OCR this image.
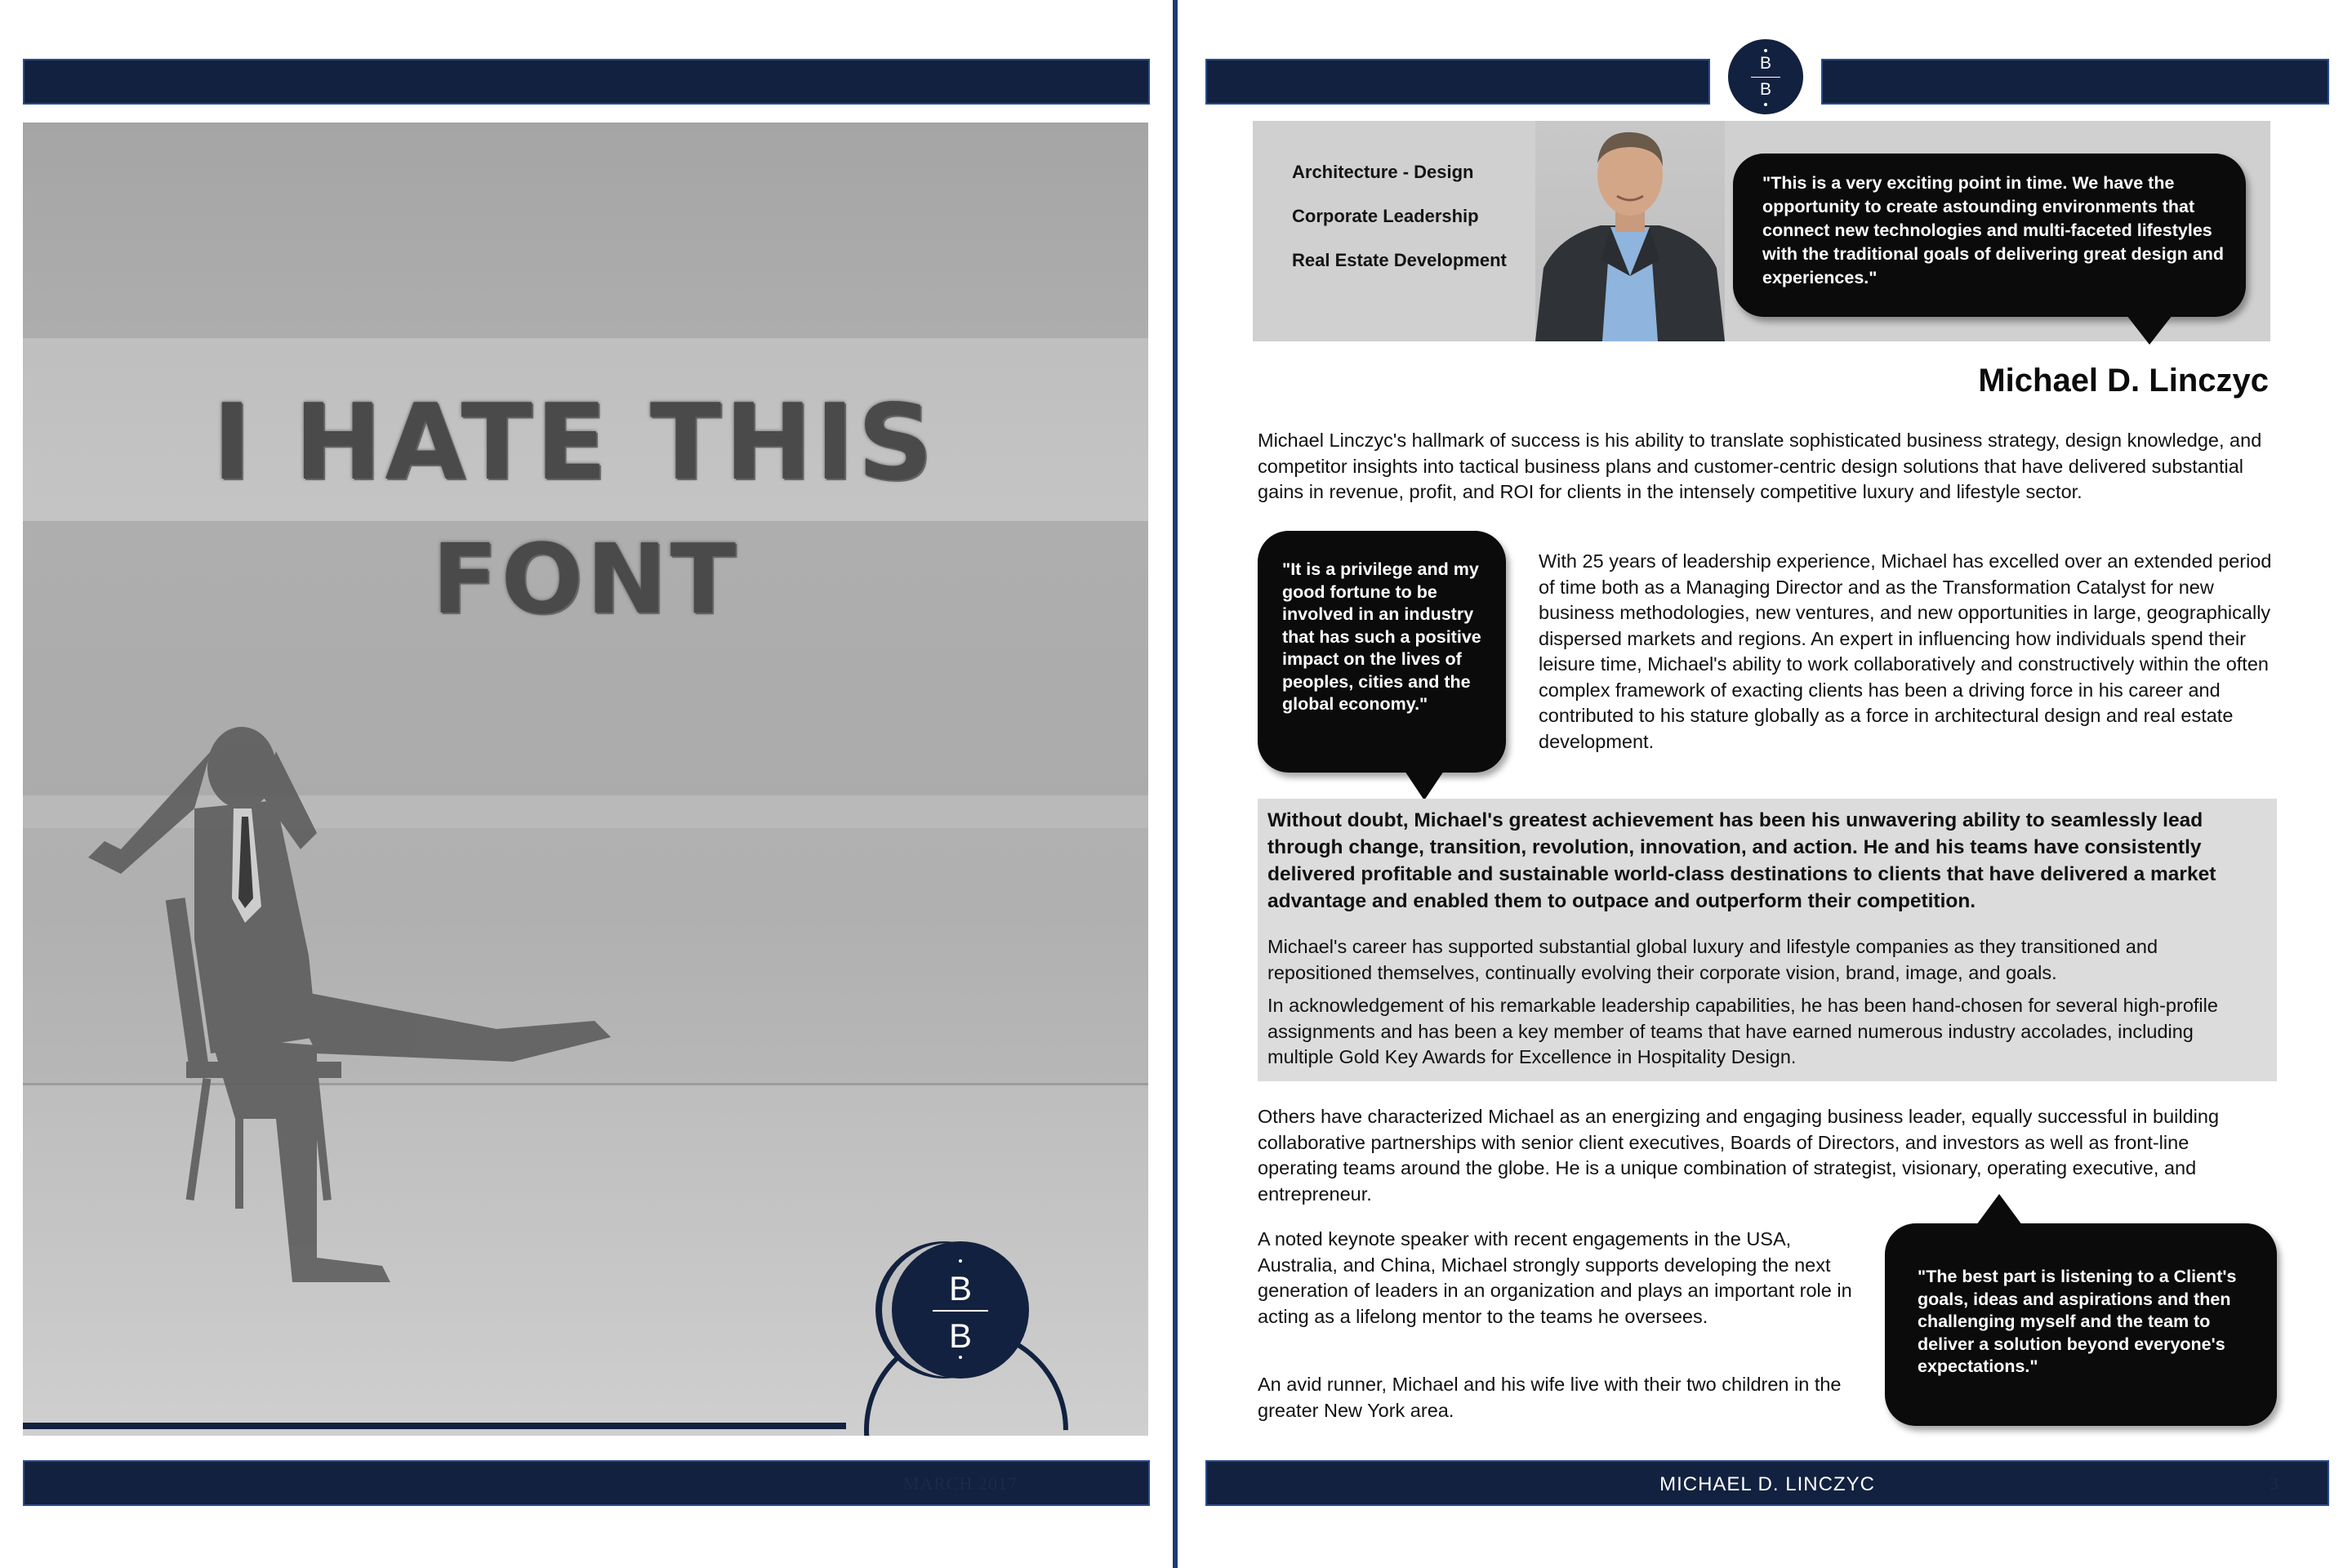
I HATE THIS
FONT
B
B
MARCH 2017
B
B
Architecture - Design
Corporate Leadership
Real Estate Development
"This is a very exciting point in time. We have the opportunity to create astounding environments that connect new technologies and multi-faceted lifestyles with the traditional goals of delivering great design and experiences."
Michael D. Linczyc

Michael Linczyc's hallmark of success is his ability to translate sophisticated business strategy, design knowledge, and competitor insights into tactical business plans and customer-centric design solutions that have delivered substantial gains in revenue, profit, and ROI for clients in the intensely competitive luxury and lifestyle sector.

"It is a privilege and my good fortune to be involved in an industry that has such a positive impact on the lives of peoples, cities and the global economy."

With 25 years of leadership experience, Michael has excelled over an extended period of time both as a Managing Director and as the Transformation Catalyst for new business methodologies, new ventures, and new opportunities in large, geographically dispersed markets and regions. An expert in influencing how individuals spend their leisure time, Michael's ability to work collaboratively and constructively within the often complex framework of exacting clients has been a driving force in his career and contributed to his stature globally as a force in architectural design and real estate development.

Without doubt, Michael's greatest achievement has been his unwavering ability to seamlessly lead through change, transition, revolution, innovation, and action. He and his teams have consistently delivered profitable and sustainable world-class destinations to clients that have delivered a market advantage and enabled them to outpace and outperform their competition.

Michael's career has supported substantial global luxury and lifestyle companies as they transitioned and repositioned themselves, continually evolving their corporate vision, brand, image, and goals.

In acknowledgement of his remarkable leadership capabilities, he has been hand-chosen for several high-profile assignments and has been a key member of teams that have earned numerous industry accolades, including multiple Gold Key Awards for Excellence in Hospitality Design.

Others have characterized Michael as an energizing and engaging business leader, equally successful in building collaborative partnerships with senior client executives, Boards of Directors, and investors as well as front-line operating teams around the globe. He is a unique combination of strategist, visionary, operating executive, and entrepreneur.

A noted keynote speaker with recent engagements in the USA, Australia, and China, Michael strongly supports developing the next generation of leaders in an organization and plays an important role in acting as a lifelong mentor to the teams he oversees.

An avid runner, Michael and his wife live with their two children in the greater New York area.

"The best part is listening to a Client's goals, ideas and aspirations and then challenging myself and the team to deliver a solution beyond everyone's expectations."
MICHAEL D. LINCZYC	3
